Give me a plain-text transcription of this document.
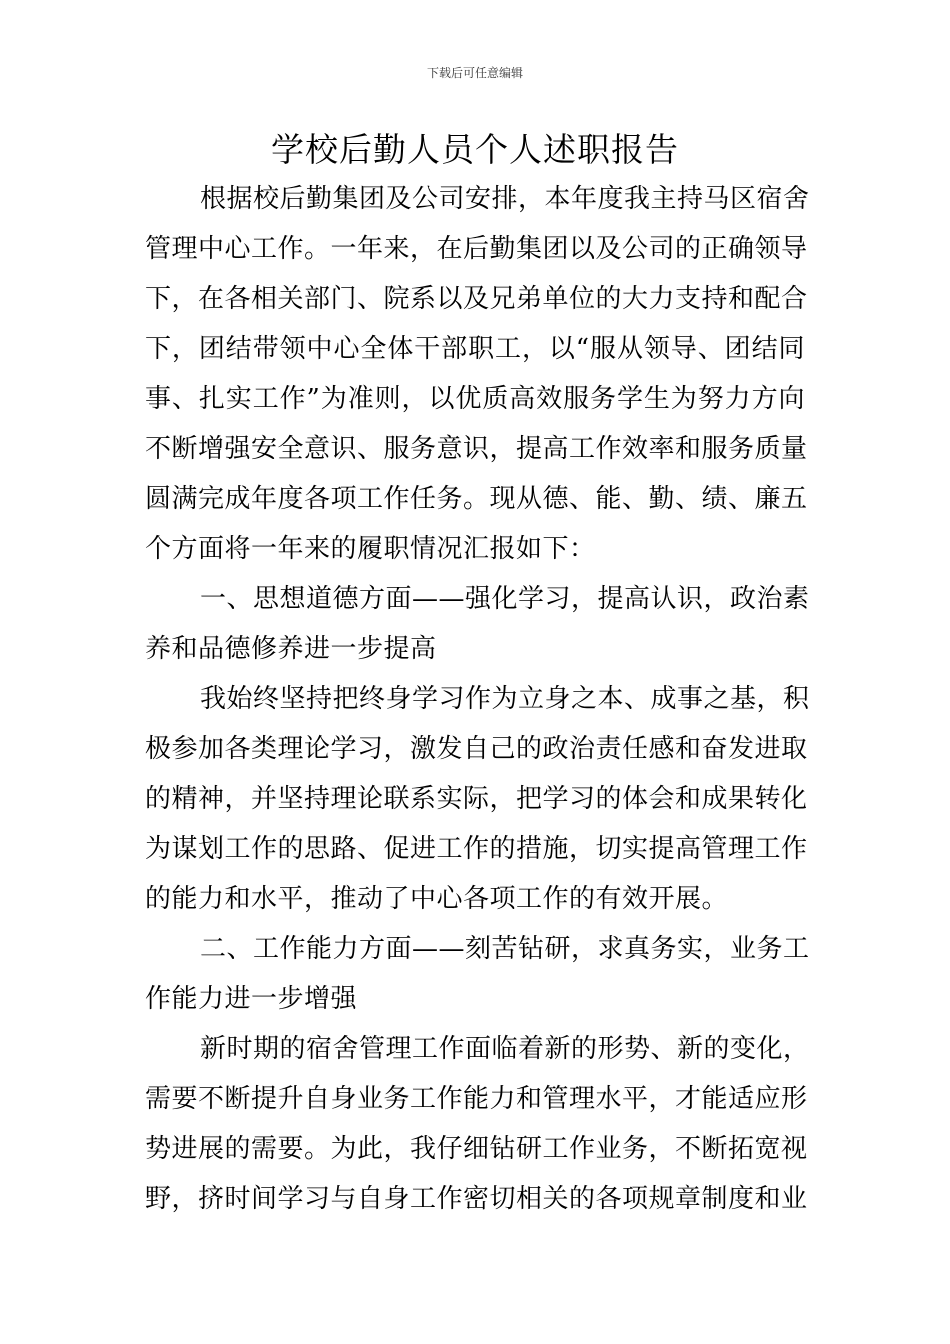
下载后可任意编辑
学校后勤人员个人述职报告
根据校后勤集团及公司安排，本年度我主持马区宿舍
管理中心工作。一年来，在后勤集团以及公司的正确领导
下，在各相关部门、院系以及兄弟单位的大力支持和配合
下，团结带领中心全体干部职工，以“服从领导、团结同
事、扎实工作”为准则，以优质高效服务学生为努力方向
不断增强安全意识、服务意识，提高工作效率和服务质量
圆满完成年度各项工作任务。现从德、能、勤、绩、廉五
个方面将一年来的履职情况汇报如下：
一、思想道德方面——强化学习，提高认识，政治素
养和品德修养进一步提高
我始终坚持把终身学习作为立身之本、成事之基，积
极参加各类理论学习，激发自己的政治责任感和奋发进取
的精神，并坚持理论联系实际，把学习的体会和成果转化
为谋划工作的思路、促进工作的措施，切实提高管理工作
的能力和水平，推动了中心各项工作的有效开展。
二、工作能力方面——刻苦钻研，求真务实，业务工
作能力进一步增强
新时期的宿舍管理工作面临着新的形势、新的变化，
需要不断提升自身业务工作能力和管理水平，才能适应形
势进展的需要。为此，我仔细钻研工作业务，不断拓宽视
野，挤时间学习与自身工作密切相关的各项规章制度和业
